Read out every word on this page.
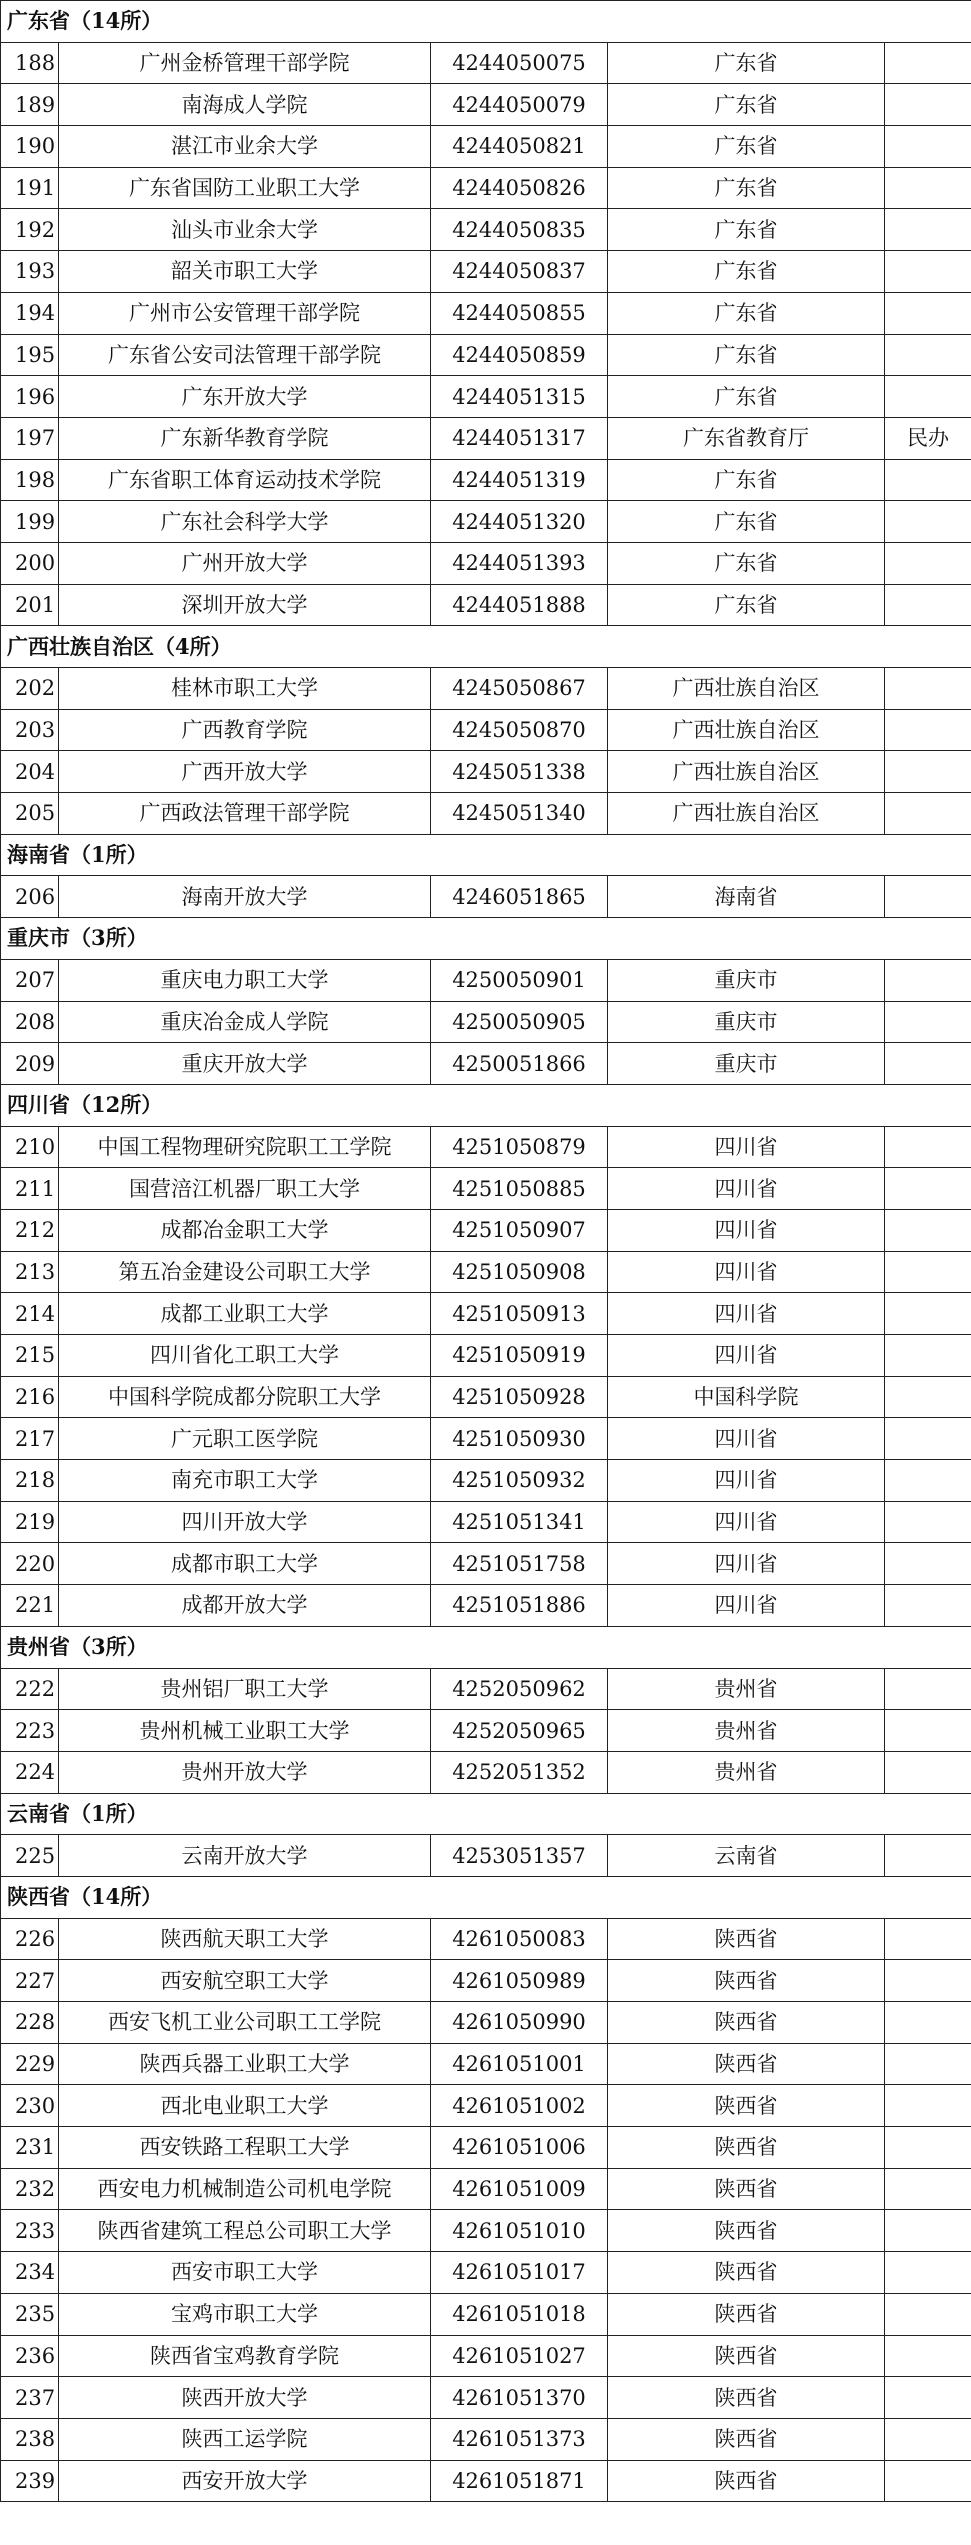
广东省（14所）				
188	广州金桥管理干部学院	4244050075	广东省	
189	南海成人学院	4244050079	广东省	
190	湛江市业余大学	4244050821	广东省	
191	广东省国防工业职工大学	4244050826	广东省	
192	汕头市业余大学	4244050835	广东省	
193	韶关市职工大学	4244050837	广东省	
194	广州市公安管理干部学院	4244050855	广东省	
195	广东省公安司法管理干部学院	4244050859	广东省	
196	广东开放大学	4244051315	广东省	
197	广东新华教育学院	4244051317	广东省教育厅	民办
198	广东省职工体育运动技术学院	4244051319	广东省	
199	广东社会科学大学	4244051320	广东省	
200	广州开放大学	4244051393	广东省	
201	深圳开放大学	4244051888	广东省	
广西壮族自治区（4所）				
202	桂林市职工大学	4245050867	广西壮族自治区	
203	广西教育学院	4245050870	广西壮族自治区	
204	广西开放大学	4245051338	广西壮族自治区	
205	广西政法管理干部学院	4245051340	广西壮族自治区	
海南省（1所）				
206	海南开放大学	4246051865	海南省	
重庆市（3所）				
207	重庆电力职工大学	4250050901	重庆市	
208	重庆冶金成人学院	4250050905	重庆市	
209	重庆开放大学	4250051866	重庆市	
四川省（12所）				
210	中国工程物理研究院职工工学院	4251050879	四川省	
211	国营涪江机器厂职工大学	4251050885	四川省	
212	成都冶金职工大学	4251050907	四川省	
213	第五冶金建设公司职工大学	4251050908	四川省	
214	成都工业职工大学	4251050913	四川省	
215	四川省化工职工大学	4251050919	四川省	
216	中国科学院成都分院职工大学	4251050928	中国科学院	
217	广元职工医学院	4251050930	四川省	
218	南充市职工大学	4251050932	四川省	
219	四川开放大学	4251051341	四川省	
220	成都市职工大学	4251051758	四川省	
221	成都开放大学	4251051886	四川省	
贵州省（3所）				
222	贵州铝厂职工大学	4252050962	贵州省	
223	贵州机械工业职工大学	4252050965	贵州省	
224	贵州开放大学	4252051352	贵州省	
云南省（1所）				
225	云南开放大学	4253051357	云南省	
陕西省（14所）				
226	陕西航天职工大学	4261050083	陕西省	
227	西安航空职工大学	4261050989	陕西省	
228	西安飞机工业公司职工工学院	4261050990	陕西省	
229	陕西兵器工业职工大学	4261051001	陕西省	
230	西北电业职工大学	4261051002	陕西省	
231	西安铁路工程职工大学	4261051006	陕西省	
232	西安电力机械制造公司机电学院	4261051009	陕西省	
233	陕西省建筑工程总公司职工大学	4261051010	陕西省	
234	西安市职工大学	4261051017	陕西省	
235	宝鸡市职工大学	4261051018	陕西省	
236	陕西省宝鸡教育学院	4261051027	陕西省	
237	陕西开放大学	4261051370	陕西省	
238	陕西工运学院	4261051373	陕西省	
239	西安开放大学	4261051871	陕西省	
